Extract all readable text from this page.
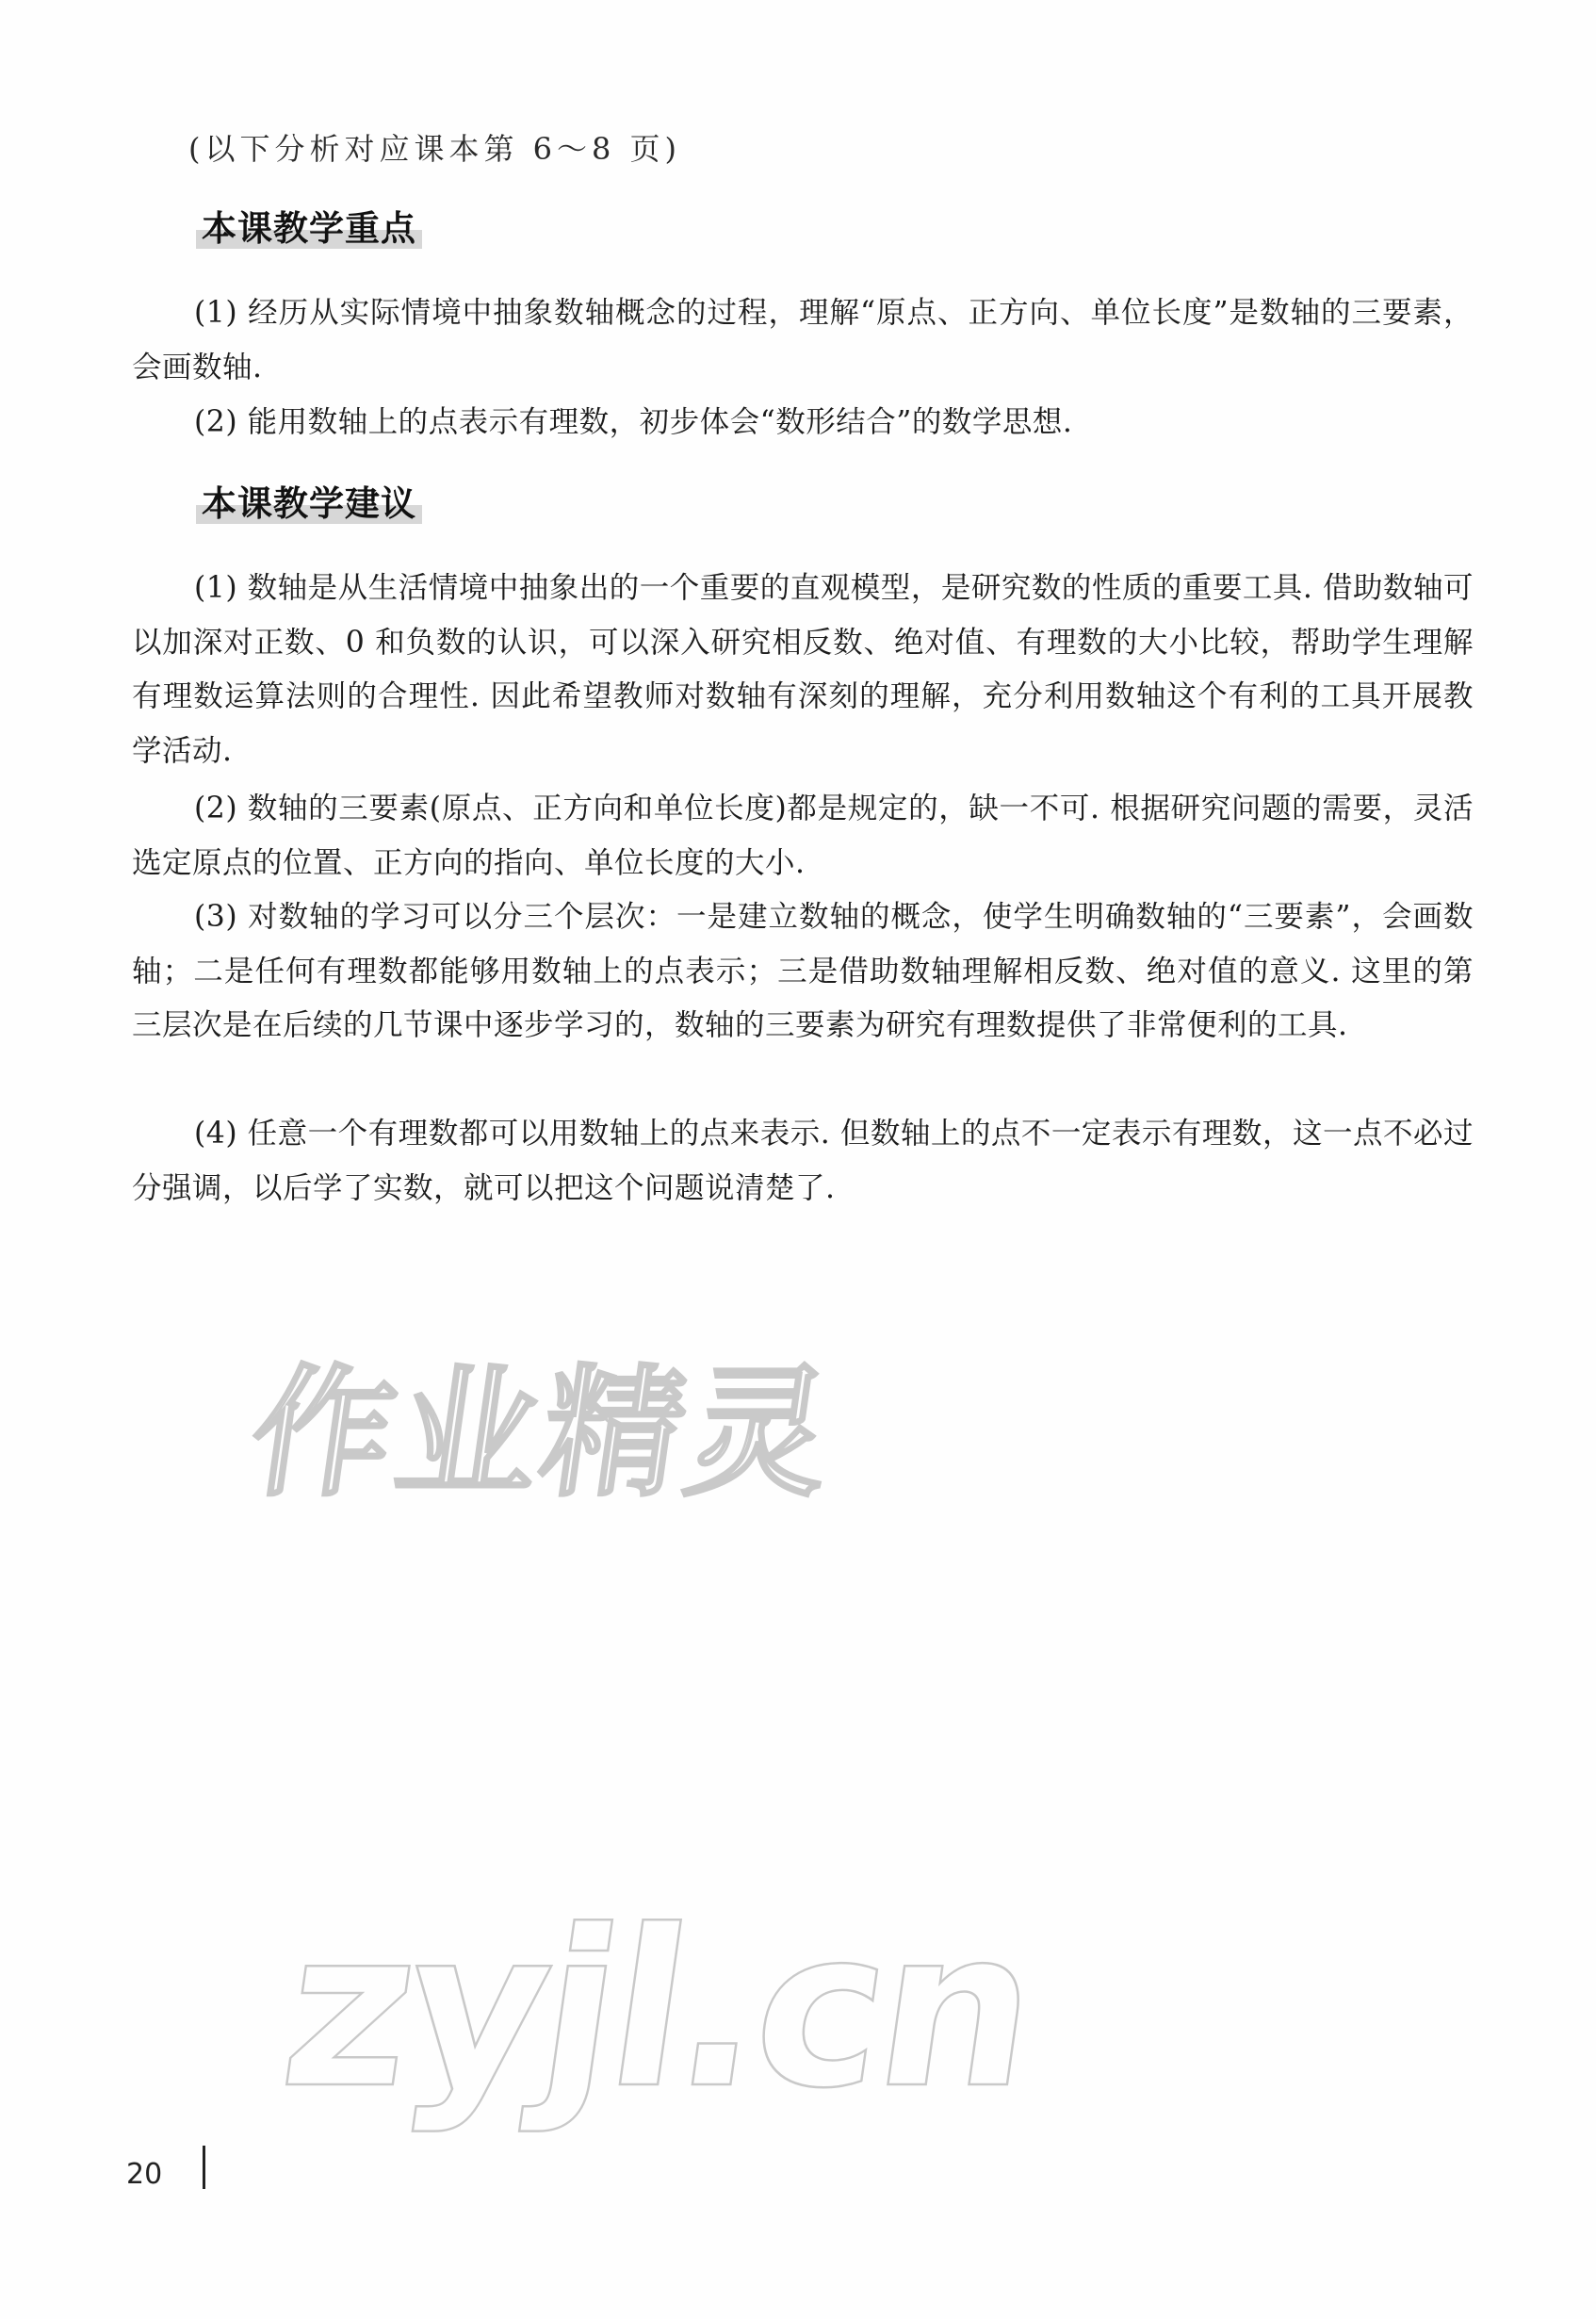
(以下分析对应课本第 6～8 页)
本课教学重点

(1) 经历从实际情境中抽象数轴概念的过程，理解“原点、正方向、单位长度”是数轴的三要素，会画数轴.

(2) 能用数轴上的点表示有理数，初步体会“数形结合”的数学思想.

本课教学建议

(1) 数轴是从生活情境中抽象出的一个重要的直观模型，是研究数的性质的重要工具. 借助数轴可以加深对正数、0 和负数的认识，可以深入研究相反数、绝对值、有理数的大小比较，帮助学生理解有理数运算法则的合理性. 因此希望教师对数轴有深刻的理解，充分利用数轴这个有利的工具开展教学活动.

(2) 数轴的三要素(原点、正方向和单位长度)都是规定的，缺一不可. 根据研究问题的需要，灵活选定原点的位置、正方向的指向、单位长度的大小.

(3) 对数轴的学习可以分三个层次：一是建立数轴的概念，使学生明确数轴的“三要素”，会画数轴；二是任何有理数都能够用数轴上的点表示；三是借助数轴理解相反数、绝对值的意义. 这里的第三层次是在后续的几节课中逐步学习的，数轴的三要素为研究有理数提供了非常便利的工具.

(4) 任意一个有理数都可以用数轴上的点来表示. 但数轴上的点不一定表示有理数，这一点不必过分强调，以后学了实数，就可以把这个问题说清楚了.

作业精灵
zyjl.cn
20
